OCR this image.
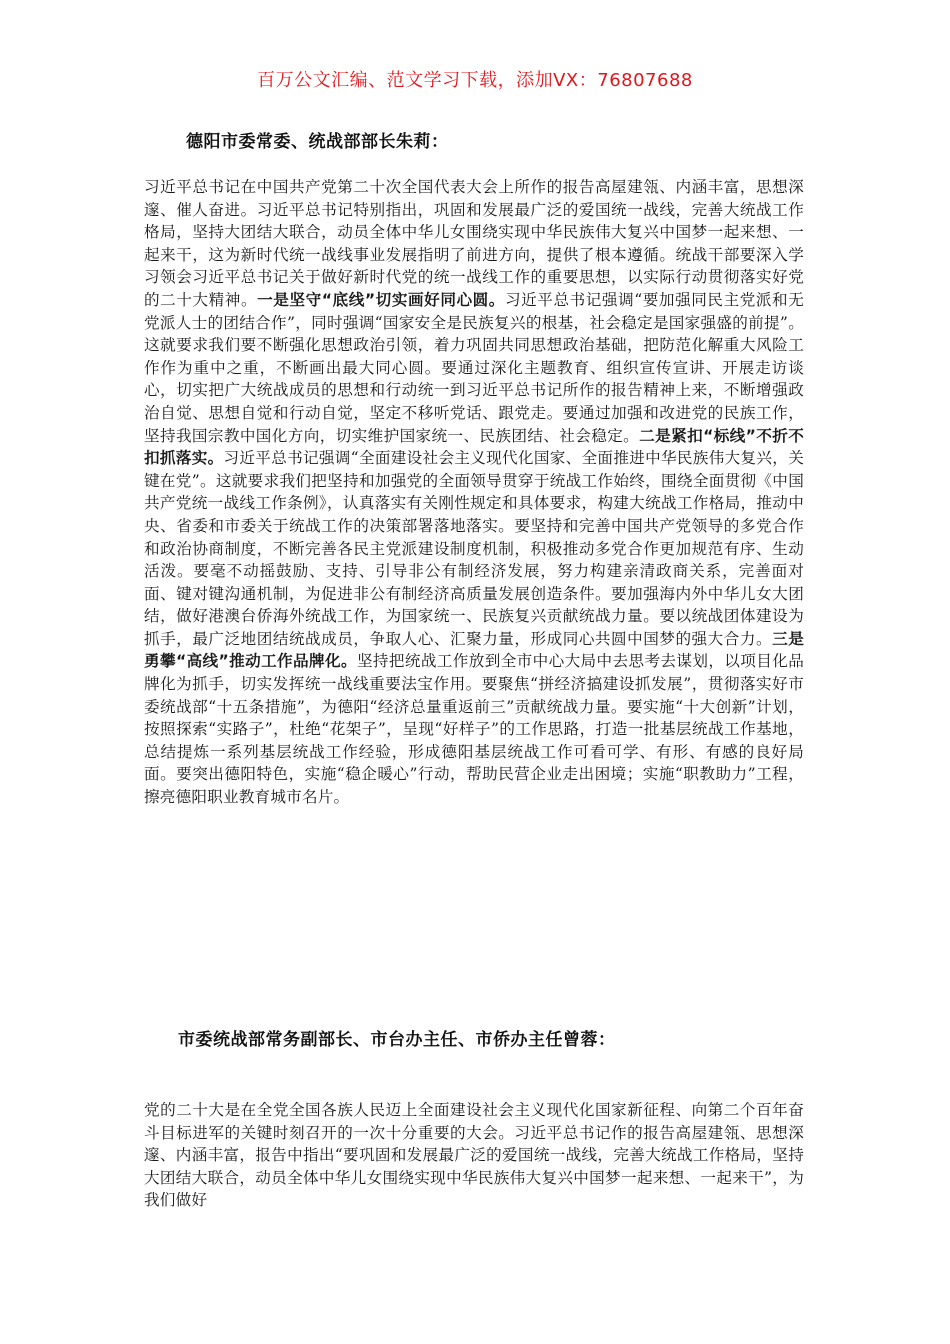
百万公文汇编、范文学习下载，添加VX：76807688
德阳市委常委、统战部部长朱莉：

习近平总书记在中国共产党第二十次全国代表大会上所作的报告高屋建瓴、内涵丰富，思想深邃、催人奋进。习近平总书记特别指出，巩固和发展最广泛的爱国统一战线，完善大统战工作格局，坚持大团结大联合，动员全体中华儿女围绕实现中华民族伟大复兴中国梦一起来想、一起来干，这为新时代统一战线事业发展指明了前进方向，提供了根本遵循。统战干部要深入学习领会习近平总书记关于做好新时代党的统一战线工作的重要思想，以实际行动贯彻落实好党的二十大精神。一是坚守“底线”切实画好同心圆。习近平总书记强调“要加强同民主党派和无党派人士的团结合作”，同时强调“国家安全是民族复兴的根基，社会稳定是国家强盛的前提”。这就要求我们要不断强化思想政治引领，着力巩固共同思想政治基础，把防范化解重大风险工作作为重中之重，不断画出最大同心圆。要通过深化主题教育、组织宣传宣讲、开展走访谈心，切实把广大统战成员的思想和行动统一到习近平总书记所作的报告精神上来，不断增强政治自觉、思想自觉和行动自觉，坚定不移听党话、跟党走。要通过加强和改进党的民族工作，坚持我国宗教中国化方向，切实维护国家统一、民族团结、社会稳定。二是紧扣“标线”不折不扣抓落实。习近平总书记强调“全面建设社会主义现代化国家、全面推进中华民族伟大复兴，关键在党”。这就要求我们把坚持和加强党的全面领导贯穿于统战工作始终，围绕全面贯彻《中国共产党统一战线工作条例》，认真落实有关刚性规定和具体要求，构建大统战工作格局，推动中央、省委和市委关于统战工作的决策部署落地落实。要坚持和完善中国共产党领导的多党合作和政治协商制度，不断完善各民主党派建设制度机制，积极推动多党合作更加规范有序、生动活泼。要毫不动摇鼓励、支持、引导非公有制经济发展，努力构建亲清政商关系，完善面对面、键对键沟通机制，为促进非公有制经济高质量发展创造条件。要加强海内外中华儿女大团结，做好港澳台侨海外统战工作，为国家统一、民族复兴贡献统战力量。要以统战团体建设为抓手，最广泛地团结统战成员，争取人心、汇聚力量，形成同心共圆中国梦的强大合力。三是勇攀“高线”推动工作品牌化。坚持把统战工作放到全市中心大局中去思考去谋划，以项目化品牌化为抓手，切实发挥统一战线重要法宝作用。要聚焦“拼经济搞建设抓发展”，贯彻落实好市委统战部“十五条措施”，为德阳“经济总量重返前三”贡献统战力量。要实施“十大创新”计划，按照探索“实路子”，杜绝“花架子”，呈现“好样子”的工作思路，打造一批基层统战工作基地，总结提炼一系列基层统战工作经验，形成德阳基层统战工作可看可学、有形、有感的良好局面。要突出德阳特色，实施“稳企暖心”行动，帮助民营企业走出困境；实施“职教助力”工程，擦亮德阳职业教育城市名片。

市委统战部常务副部长、市台办主任、市侨办主任曾蓉：

党的二十大是在全党全国各族人民迈上全面建设社会主义现代化国家新征程、向第二个百年奋斗目标进军的关键时刻召开的一次十分重要的大会。习近平总书记作的报告高屋建瓴、思想深邃、内涵丰富，报告中指出“要巩固和发展最广泛的爱国统一战线，完善大统战工作格局，坚持大团结大联合，动员全体中华儿女围绕实现中华民族伟大复兴中国梦一起来想、一起来干”，为我们做好
